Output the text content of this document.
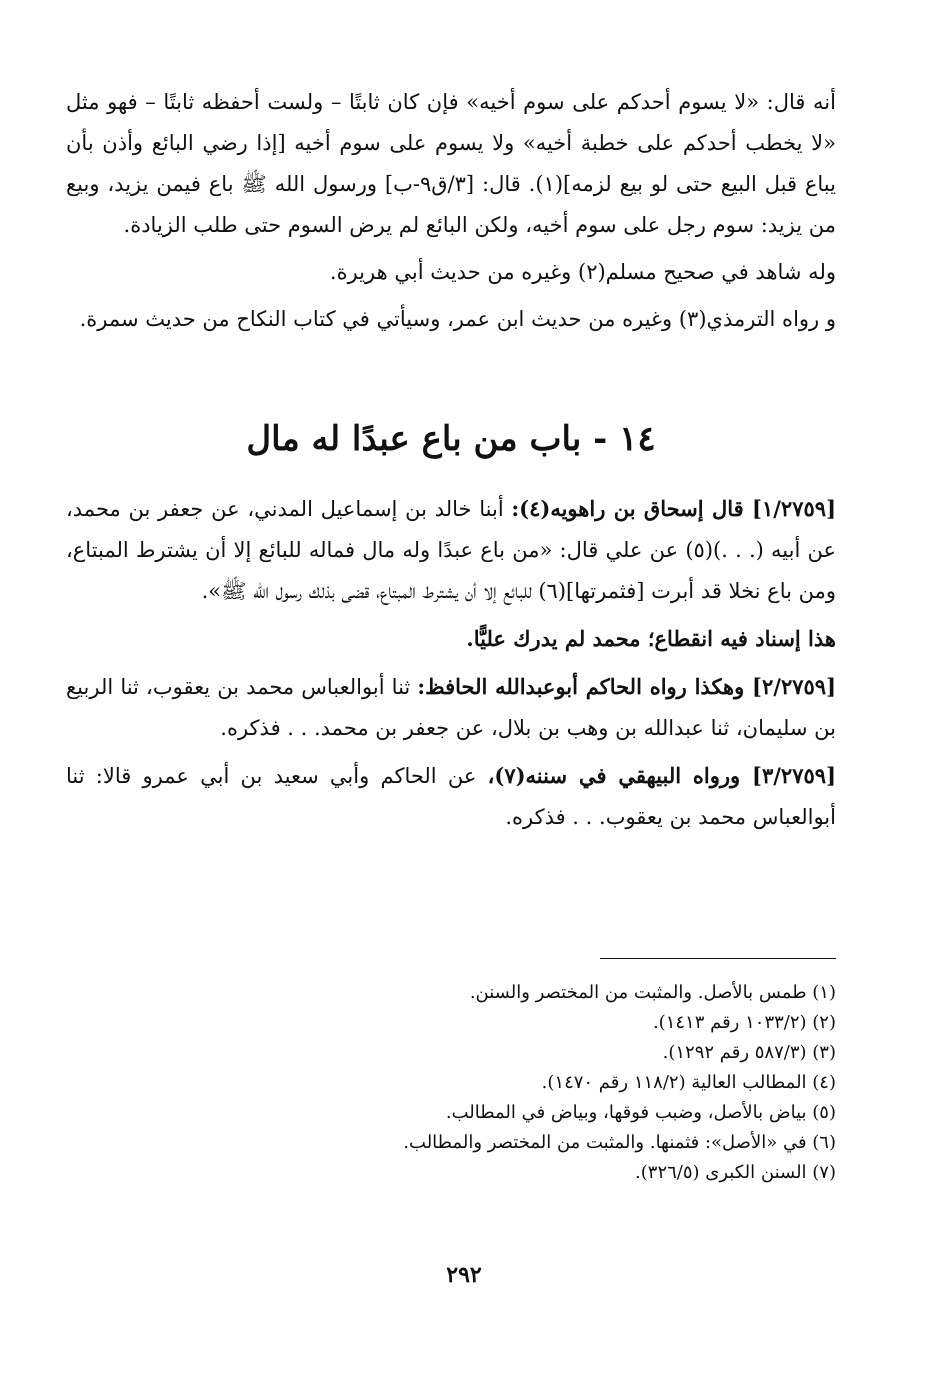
أنه قال: «لا يسوم أحدكم على سوم أخيه» فإن كان ثابتًا – ولست أحفظه ثابتًا – فهو مثل «لا يخطب أحدكم على خطبة أخيه» ولا يسوم على سوم أخيه [إذا رضي البائع وأذن بأن يباع قبل البيع حتى لو بيع لزمه](١). قال: [٣/ق٩-ب] ورسول الله ﷺ باع فيمن يزيد، وبيع من يزيد: سوم رجل على سوم أخيه، ولكن البائع لم يرض السوم حتى طلب الزيادة.

وله شاهد في صحيح مسلم(٢) وغيره من حديث أبي هريرة.

و رواه الترمذي(٣) وغيره من حديث ابن عمر، وسيأتي في كتاب النكاح من حديث سمرة.

١٤ - باب من باع عبدًا له مال

[١/٢٧٥٩] قال إسحاق بن راهويه(٤): أبنا خالد بن إسماعيل المدني، عن جعفر بن محمد، عن أبيه (. . .)(٥) عن علي قال: «من باع عبدًا وله مال فماله للبائع إلا أن يشترط المبتاع، ومن باع نخلا قد أبرت [فثمرتها](٦) للبائع إلا أن يشترط المبتاع، قضى بذلك رسول الله ﷺ».

هذا إسناد فيه انقطاع؛ محمد لم يدرك عليًّا.

[٢/٢٧٥٩] وهكذا رواه الحاكم أبوعبدالله الحافظ: ثنا أبوالعباس محمد بن يعقوب، ثنا الربيع بن سليمان، ثنا عبدالله بن وهب بن بلال، عن جعفر بن محمد. . . فذكره.

[٣/٢٧٥٩] ورواه البيهقي في سننه(٧)، عن الحاكم وأبي سعيد بن أبي عمرو قالا: ثنا أبوالعباس محمد بن يعقوب. . . فذكره.

(١) طمس بالأصل. والمثبت من المختصر والسنن.

(٢) (١٠٣٣/٢ رقم ١٤١٣).

(٣) (٥٨٧/٣ رقم ١٢٩٢).

(٤) المطالب العالية (١١٨/٢ رقم ١٤٧٠).

(٥) بياض بالأصل، وضبب فوقها، وبياض في المطالب.

(٦) في «الأصل»: فثمنها. والمثبت من المختصر والمطالب.

(٧) السنن الكبرى (٣٢٦/٥).

٢٩٢
